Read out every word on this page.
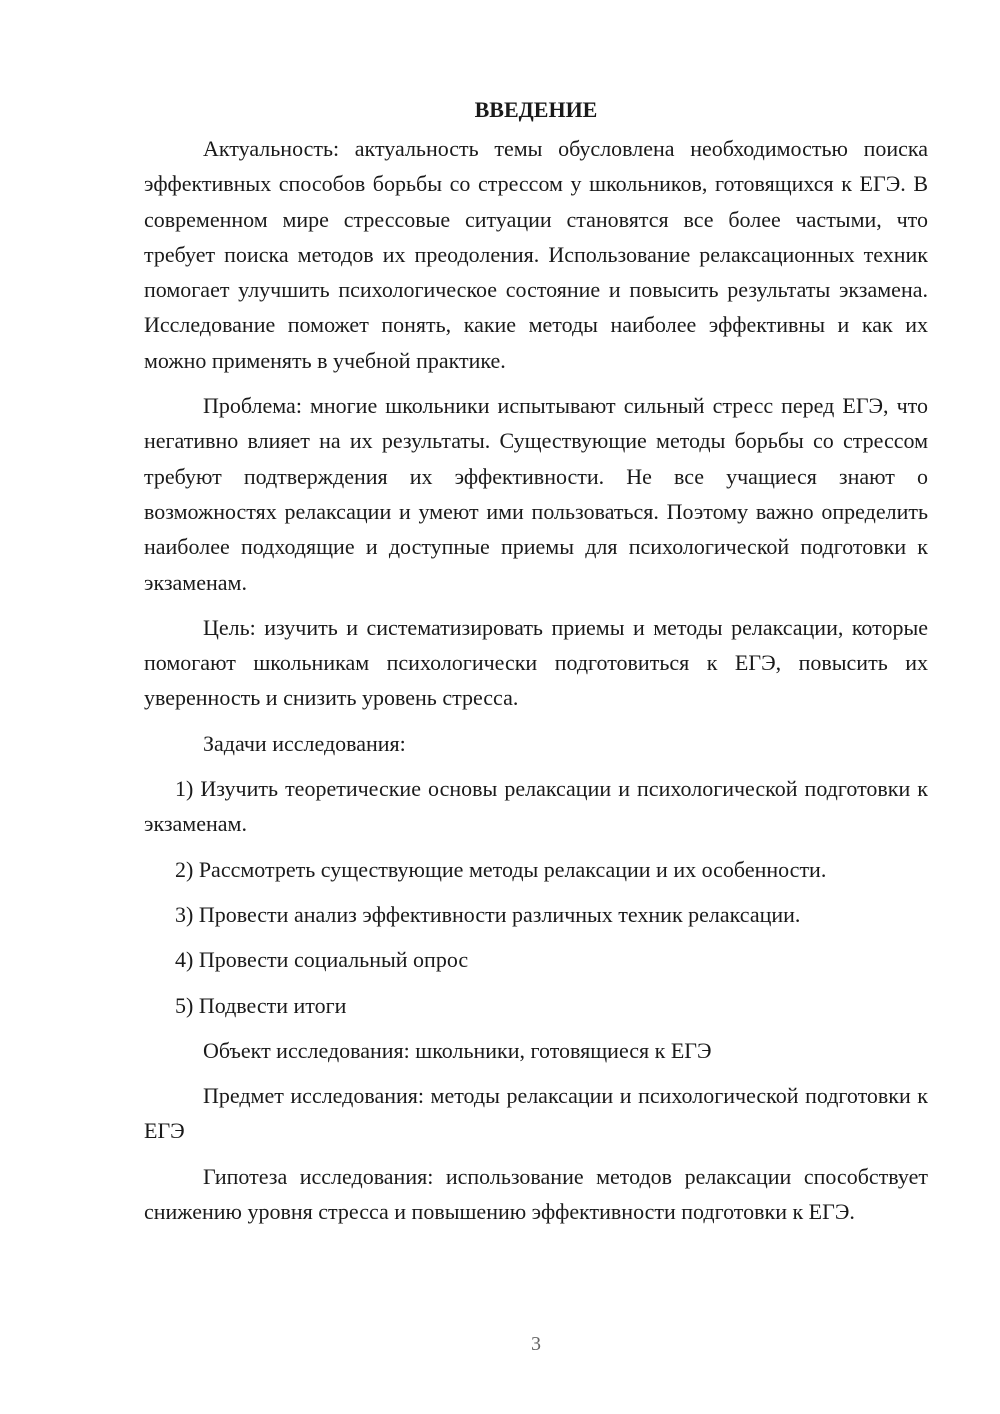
ВВЕДЕНИЕ

Актуальность: актуальность темы обусловлена необходимостью поиска эффективных способов борьбы со стрессом у школьников, готовящихся к ЕГЭ. В современном мире стрессовые ситуации становятся все более частыми, что требует поиска методов их преодоления. Использование релаксационных техник помогает улучшить психологическое состояние и повысить результаты экзамена. Исследование поможет понять, какие методы наиболее эффективны и как их можно применять в учебной практике.

Проблема: многие школьники испытывают сильный стресс перед ЕГЭ, что негативно влияет на их результаты. Существующие методы борьбы со стрессом требуют подтверждения их эффективности. Не все учащиеся знают о возможностях релаксации и умеют ими пользоваться. Поэтому важно определить наиболее подходящие и доступные приемы для психологической подготовки к экзаменам.

Цель: изучить и систематизировать приемы и методы релаксации, которые помогают школьникам психологически подготовиться к ЕГЭ, повысить их уверенность и снизить уровень стресса.

Задачи исследования:

1) Изучить теоретические основы релаксации и психологической подготовки к экзаменам.

2) Рассмотреть существующие методы релаксации и их особенности.

3) Провести анализ эффективности различных техник релаксации.

4) Провести социальный опрос

5) Подвести итоги

Объект исследования: школьники, готовящиеся к ЕГЭ

Предмет исследования: методы релаксации и психологической подготовки к ЕГЭ

Гипотеза исследования: использование методов релаксации способствует снижению уровня стресса и повышению эффективности подготовки к ЕГЭ.

3
